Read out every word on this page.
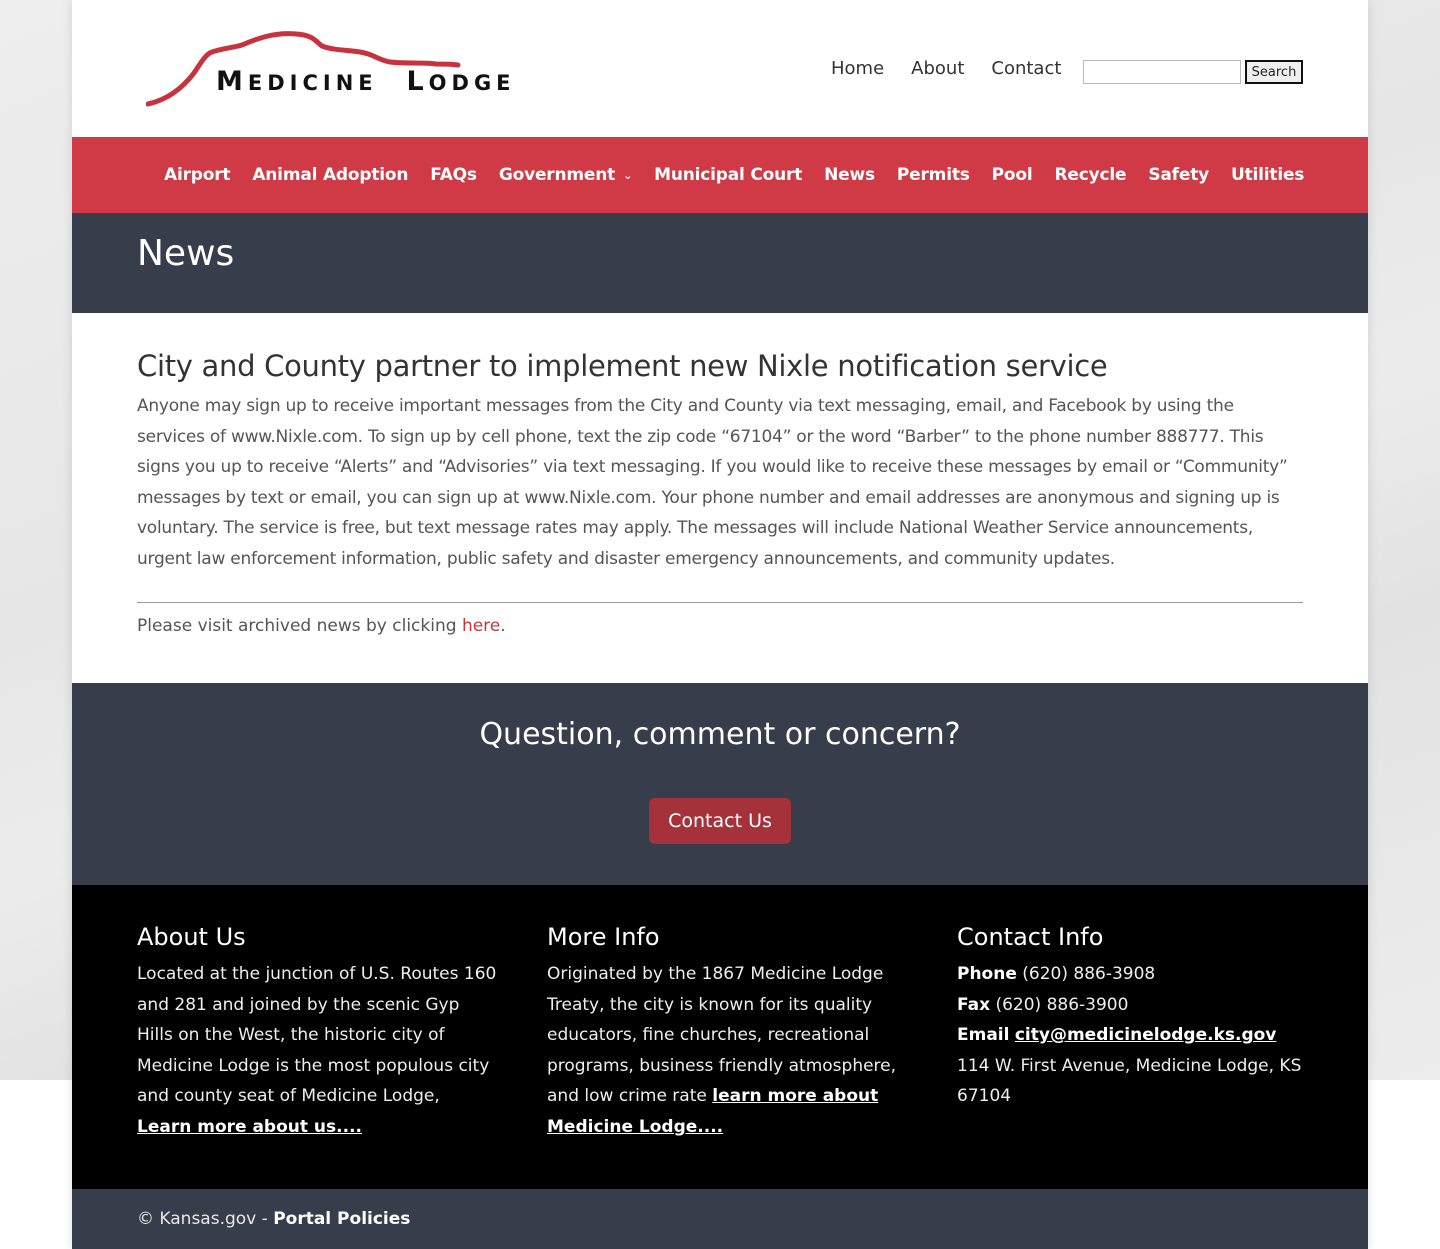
MEDICINE LODGE
Home About Contact	Search
Airport Animal Adoption FAQs Government ⌄ Municipal Court News Permits Pool Recycle Safety Utilities
News
City and County partner to implement new Nixle notification service

Anyone may sign up to receive important messages from the City and County via text messaging, email, and Facebook by using the services of www.Nixle.com. To sign up by cell phone, text the zip code “67104” or the word “Barber” to the phone number 888777. This signs you up to receive “Alerts” and “Advisories” via text messaging. If you would like to receive these messages by email or “Community” messages by text or email, you can sign up at www.Nixle.com. Your phone number and email addresses are anonymous and signing up is voluntary. The service is free, but text message rates may apply. The messages will include National Weather Service announcements, urgent law enforcement information, public safety and disaster emergency announcements, and community updates.

Please visit archived news by clicking here.

Question, comment or concern?
Contact Us
About Us

Located at the junction of U.S. Routes 160 and 281 and joined by the scenic Gyp Hills on the West, the historic city of Medicine Lodge is the most populous city and county seat of Medicine Lodge, Learn more about us....

More Info

Originated by the 1867 Medicine Lodge Treaty, the city is known for its quality educators, fine churches, recreational programs, business friendly atmosphere, and low crime rate learn more about Medicine Lodge....

Contact Info

Phone (620) 886-3908
Fax (620) 886-3900
Email city@medicinelodge.ks.gov
114 W. First Avenue, Medicine Lodge, KS 67104

© Kansas.gov - Portal Policies
